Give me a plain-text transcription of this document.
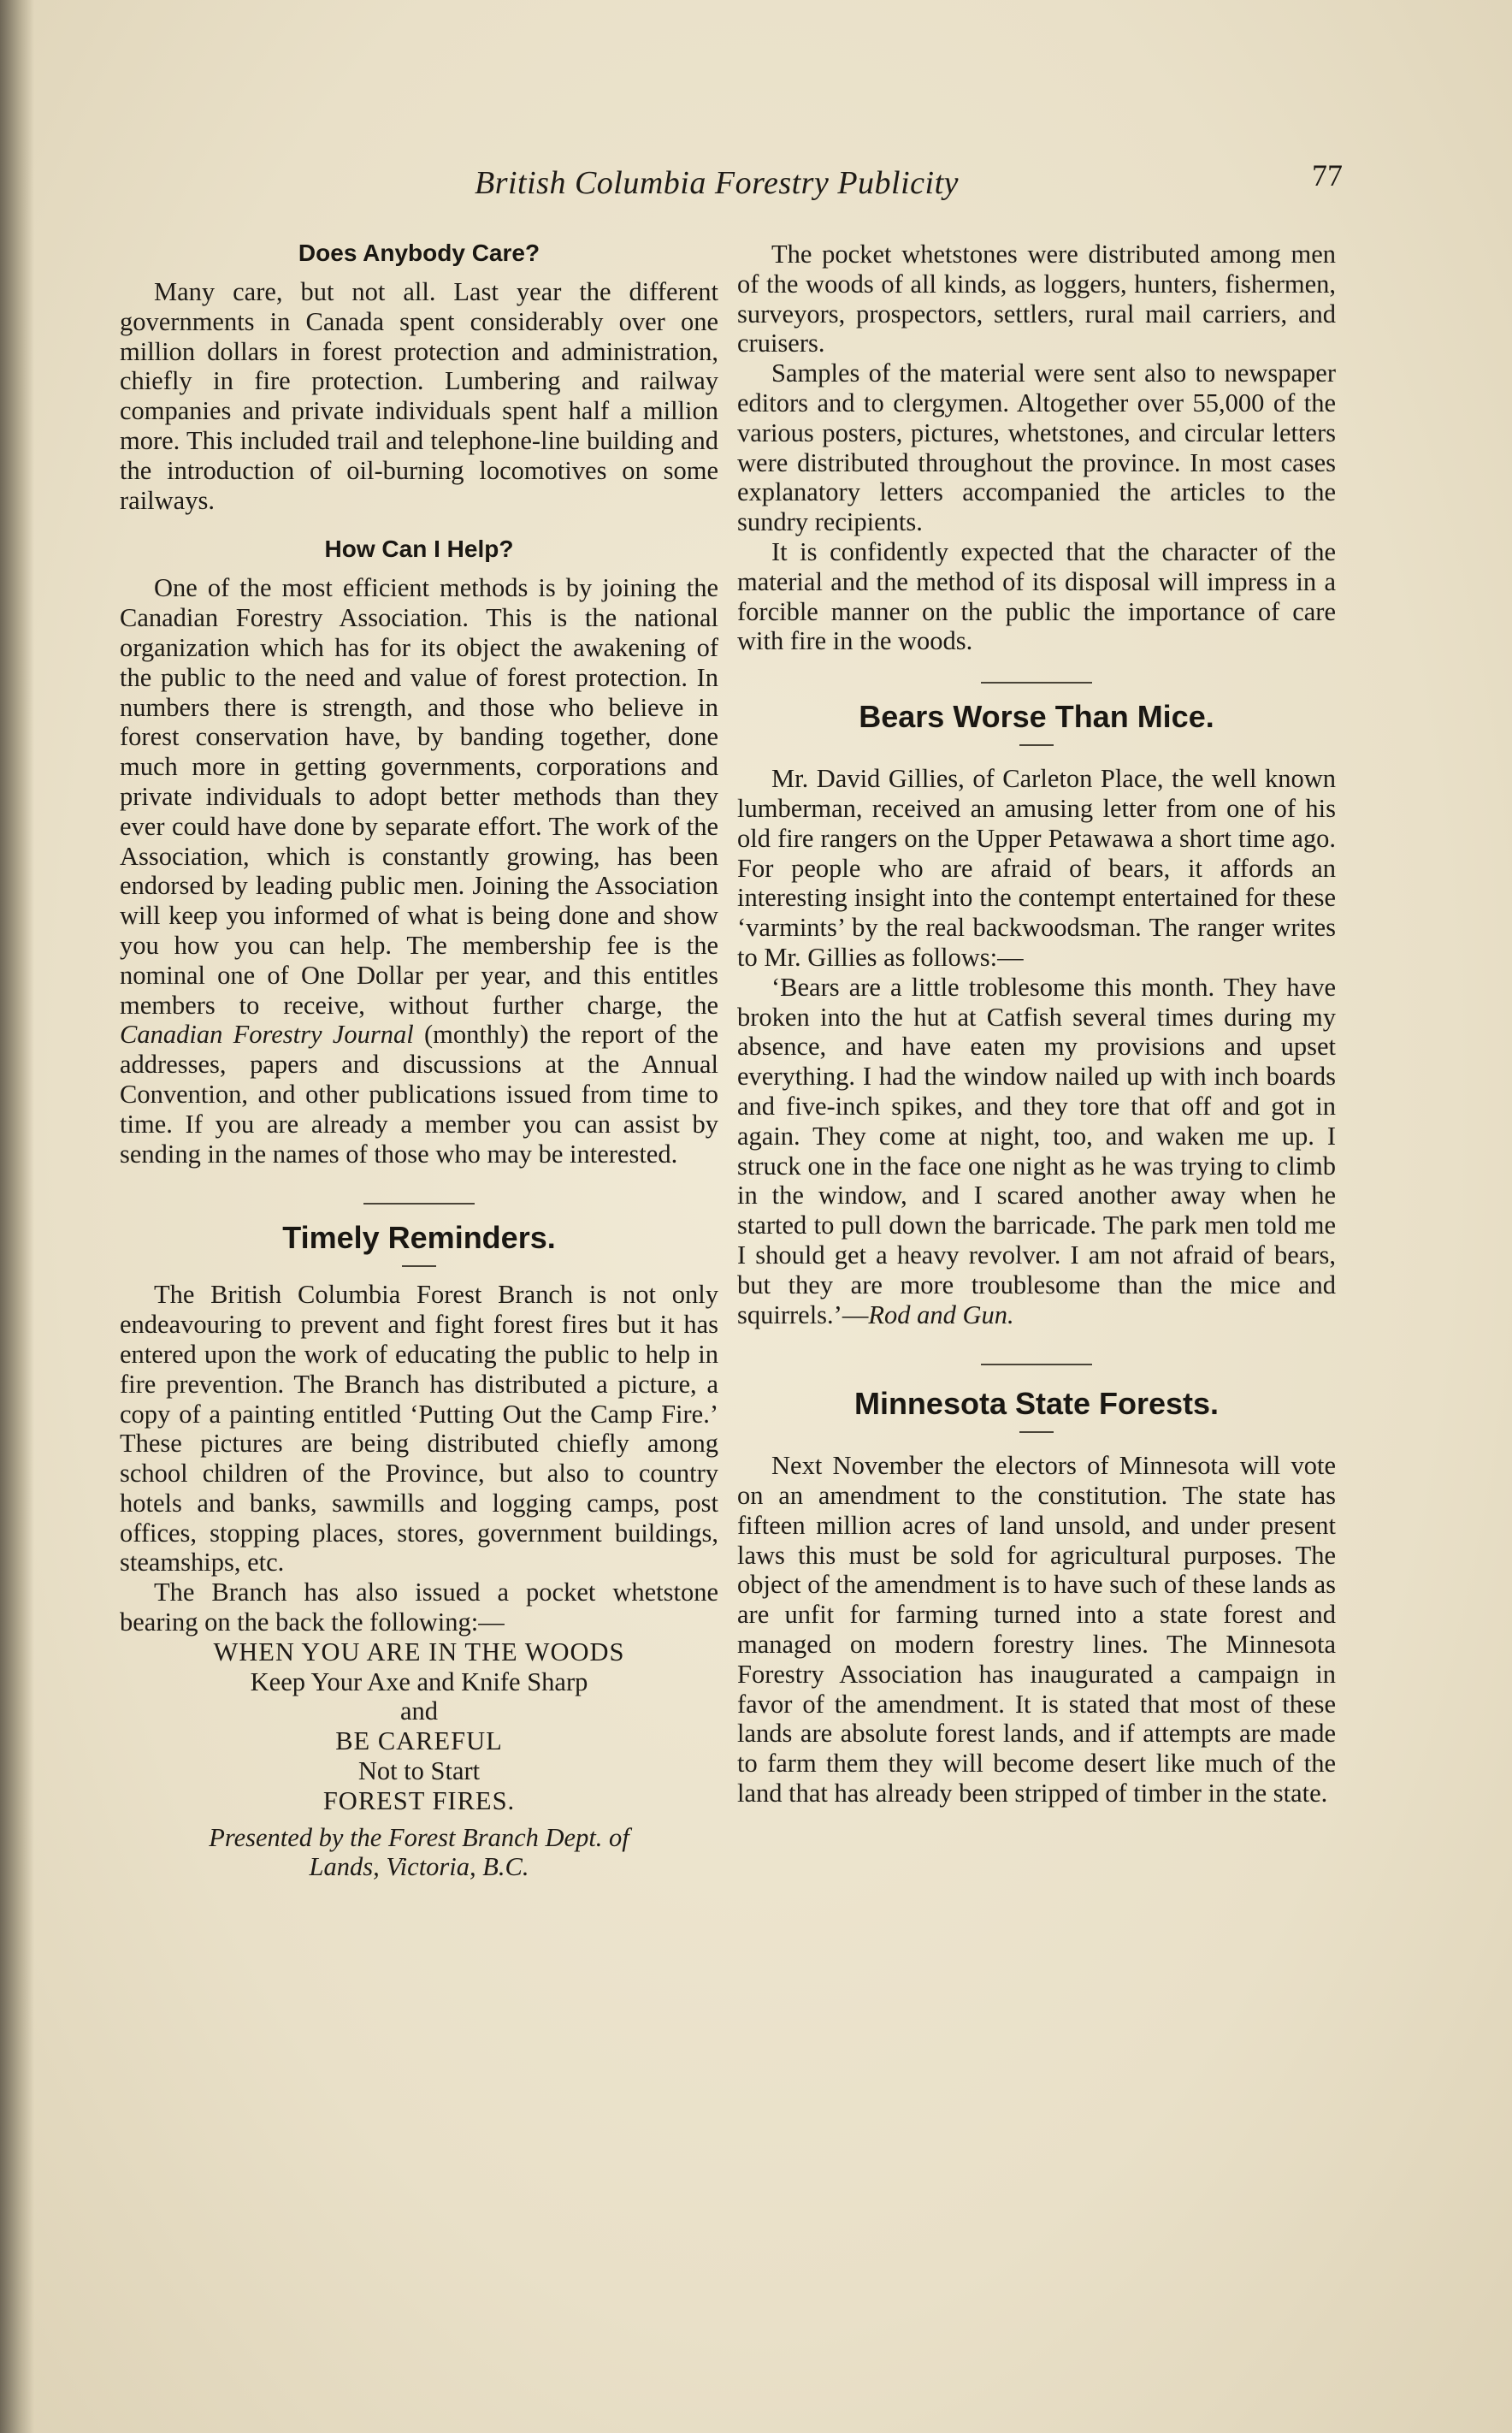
British Columbia Forestry Publicity	77
Does Anybody Care?

Many care, but not all. Last year the different governments in Canada spent considerably over one million dollars in forest protection and administration, chiefly in fire protection. Lumbering and railway companies and private individuals spent half a million more. This included trail and telephone-line building and the introduction of oil-burning locomotives on some railways.

How Can I Help?

One of the most efficient methods is by joining the Canadian Forestry Association. This is the national organization which has for its object the awakening of the public to the need and value of forest protection. In numbers there is strength, and those who believe in forest conservation have, by banding together, done much more in getting governments, corporations and private individuals to adopt better methods than they ever could have done by separate effort. The work of the Association, which is constantly growing, has been endorsed by leading public men. Joining the Association will keep you informed of what is being done and show you how you can help. The membership fee is the nominal one of One Dollar per year, and this entitles members to receive, without further charge, the Canadian Forestry Journal (monthly) the report of the addresses, papers and discussions at the Annual Convention, and other publications issued from time to time. If you are already a member you can assist by sending in the names of those who may be interested.

Timely Reminders.

The British Columbia Forest Branch is not only endeavouring to prevent and fight forest fires but it has entered upon the work of educating the public to help in fire prevention. The Branch has distributed a picture, a copy of a painting entitled ‘Putting Out the Camp Fire.’ These pictures are being distributed chiefly among school children of the Province, but also to country hotels and banks, sawmills and logging camps, post offices, stopping places, stores, government buildings, steamships, etc.

The Branch has also issued a pocket whetstone bearing on the back the following:—

WHEN YOU ARE IN THE WOODS

Keep Your Axe and Knife Sharp

and

BE CAREFUL

Not to Start

FOREST FIRES.

Presented by the Forest Branch Dept. of

Lands, Victoria, B.C.

The pocket whetstones were distributed among men of the woods of all kinds, as loggers, hunters, fishermen, surveyors, prospectors, settlers, rural mail carriers, and cruisers.

Samples of the material were sent also to newspaper editors and to clergymen. Altogether over 55,000 of the various posters, pictures, whetstones, and circular letters were distributed throughout the province. In most cases explanatory letters accompanied the articles to the sundry recipients.

It is confidently expected that the character of the material and the method of its disposal will impress in a forcible manner on the public the importance of care with fire in the woods.

Bears Worse Than Mice.

Mr. David Gillies, of Carleton Place, the well known lumberman, received an amusing letter from one of his old fire rangers on the Upper Petawawa a short time ago. For people who are afraid of bears, it affords an interesting insight into the contempt entertained for these ‘varmints’ by the real backwoodsman. The ranger writes to Mr. Gillies as follows:—

‘Bears are a little troblesome this month. They have broken into the hut at Catfish several times during my absence, and have eaten my provisions and upset everything. I had the window nailed up with inch boards and five-inch spikes, and they tore that off and got in again. They come at night, too, and waken me up. I struck one in the face one night as he was trying to climb in the window, and I scared another away when he started to pull down the barricade. The park men told me I should get a heavy revolver. I am not afraid of bears, but they are more troublesome than the mice and squirrels.’—Rod and Gun.

Minnesota State Forests.

Next November the electors of Minnesota will vote on an amendment to the constitution. The state has fifteen million acres of land unsold, and under present laws this must be sold for agricultural purposes. The object of the amendment is to have such of these lands as are unfit for farming turned into a state forest and managed on modern forestry lines. The Minnesota Forestry Association has inaugurated a campaign in favor of the amendment. It is stated that most of these lands are absolute forest lands, and if attempts are made to farm them they will become desert like much of the land that has already been stripped of timber in the state.
